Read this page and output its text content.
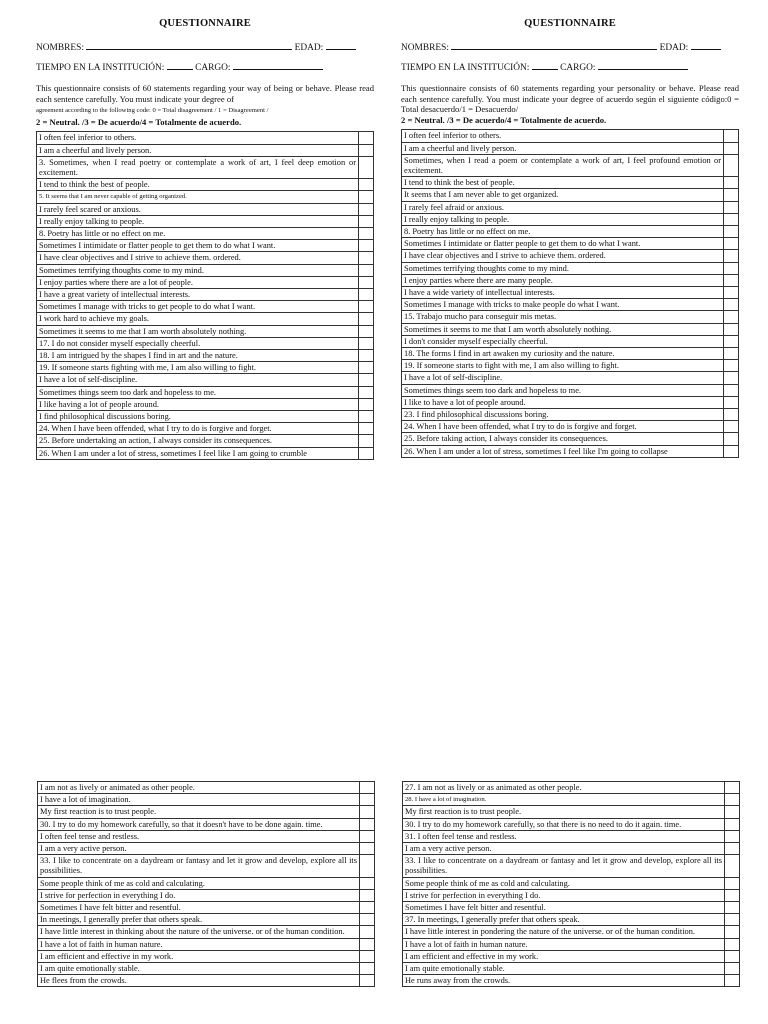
QUESTIONNAIRE
NOMBRES:	EDAD:
TIEMPO EN LA INSTITUCIÓN:	CARGO:
This questionnaire consists of 60 statements regarding your way of being or behave. Please read each sentence carefully. You must indicate your degree of
agreement according to the following code: 0 = Total disagreement / 1 = Disagreement /
2 = Neutral. /3 = De acuerdo/4 = Totalmente de acuerdo.
I often feel inferior to others.	
I am a cheerful and lively person.	
3. Sometimes, when I read poetry or contemplate a work of art, I feel deep emotion or excitement.	
I tend to think the best of people.	
5. It seems that I am never capable of getting organized.	
I rarely feel scared or anxious.	
I really enjoy talking to people.	
8. Poetry has little or no effect on me.	
Sometimes I intimidate or flatter people to get them to do what I want.	
I have clear objectives and I strive to achieve them. ordered.	
Sometimes terrifying thoughts come to my mind.	
I enjoy parties where there are a lot of people.	
I have a great variety of intellectual interests.	
Sometimes I manage with tricks to get people to do what I want.	
I work hard to achieve my goals.	
Sometimes it seems to me that I am worth absolutely nothing.	
17. I do not consider myself especially cheerful.	
18. I am intrigued by the shapes I find in art and the nature.	
19. If someone starts fighting with me, I am also willing to fight.	
I have a lot of self-discipline.	
Sometimes things seem too dark and hopeless to me.	
I like having a lot of people around.	
I find philosophical discussions boring.	
24. When I have been offended, what I try to do is forgive and forget.	
25. Before undertaking an action, I always consider its consequences.	
26. When I am under a lot of stress, sometimes I feel like I am going to crumble	
QUESTIONNAIRE
NOMBRES:	EDAD:
TIEMPO EN LA INSTITUCIÓN:	CARGO:
This questionnaire consists of 60 statements regarding your personality or behave. Please read each sentence carefully. You must indicate your degree of acuerdo según el siguiente código:0 = Total desacuerdo/1 = Desacuerdo/
2 = Neutral. /3 = De acuerdo/4 = Totalmente de acuerdo.
I often feel inferior to others.	
I am a cheerful and lively person.	
Sometimes, when I read a poem or contemplate a work of art, I feel profound emotion or excitement.	
I tend to think the best of people.	
It seems that I am never able to get organized.	
I rarely feel afraid or anxious.	
I really enjoy talking to people.	
8. Poetry has little or no effect on me.	
Sometimes I intimidate or flatter people to get them to do what I want.	
I have clear objectives and I strive to achieve them. ordered.	
Sometimes terrifying thoughts come to my mind.	
I enjoy parties where there are many people.	
I have a wide variety of intellectual interests.	
Sometimes I manage with tricks to make people do what I want.	
15. Trabajo mucho para conseguir mis metas.	
Sometimes it seems to me that I am worth absolutely nothing.	
I don't consider myself especially cheerful.	
18. The forms I find in art awaken my curiosity and the nature.	
19. If someone starts to fight with me, I am also willing to fight.	
I have a lot of self-discipline.	
Sometimes things seem too dark and hopeless to me.	
I like to have a lot of people around.	
23. I find philosophical discussions boring.	
24. When I have been offended, what I try to do is forgive and forget.	
25. Before taking action, I always consider its consequences.	
26. When I am under a lot of stress, sometimes I feel like I'm going to collapse	
I am not as lively or animated as other people.	
I have a lot of imagination.	
My first reaction is to trust people.	
30. I try to do my homework carefully, so that it doesn't have to be done again. time.	
I often feel tense and restless.	
I am a very active person.	
33. I like to concentrate on a daydream or fantasy and let it grow and develop, explore all its possibilities.	
Some people think of me as cold and calculating.	
I strive for perfection in everything I do.	
Sometimes I have felt bitter and resentful.	
In meetings, I generally prefer that others speak.	
I have little interest in thinking about the nature of the universe. or of the human condition.	
I have a lot of faith in human nature.	
I am efficient and effective in my work.	
I am quite emotionally stable.	
He flees from the crowds.	
27. I am not as lively or as animated as other people.	
28. I have a lot of imagination.	
My first reaction is to trust people.	
30. I try to do my homework carefully, so that there is no need to do it again. time.	
31. I often feel tense and restless.	
I am a very active person.	
33. I like to concentrate on a daydream or fantasy and let it grow and develop, explore all its possibilities.	
Some people think of me as cold and calculating.	
I strive for perfection in everything I do.	
Sometimes I have felt bitter and resentful.	
37. In meetings, I generally prefer that others speak.	
I have little interest in pondering the nature of the universe. or of the human condition.	
I have a lot of faith in human nature.	
I am efficient and effective in my work.	
I am quite emotionally stable.	
He runs away from the crowds.	
